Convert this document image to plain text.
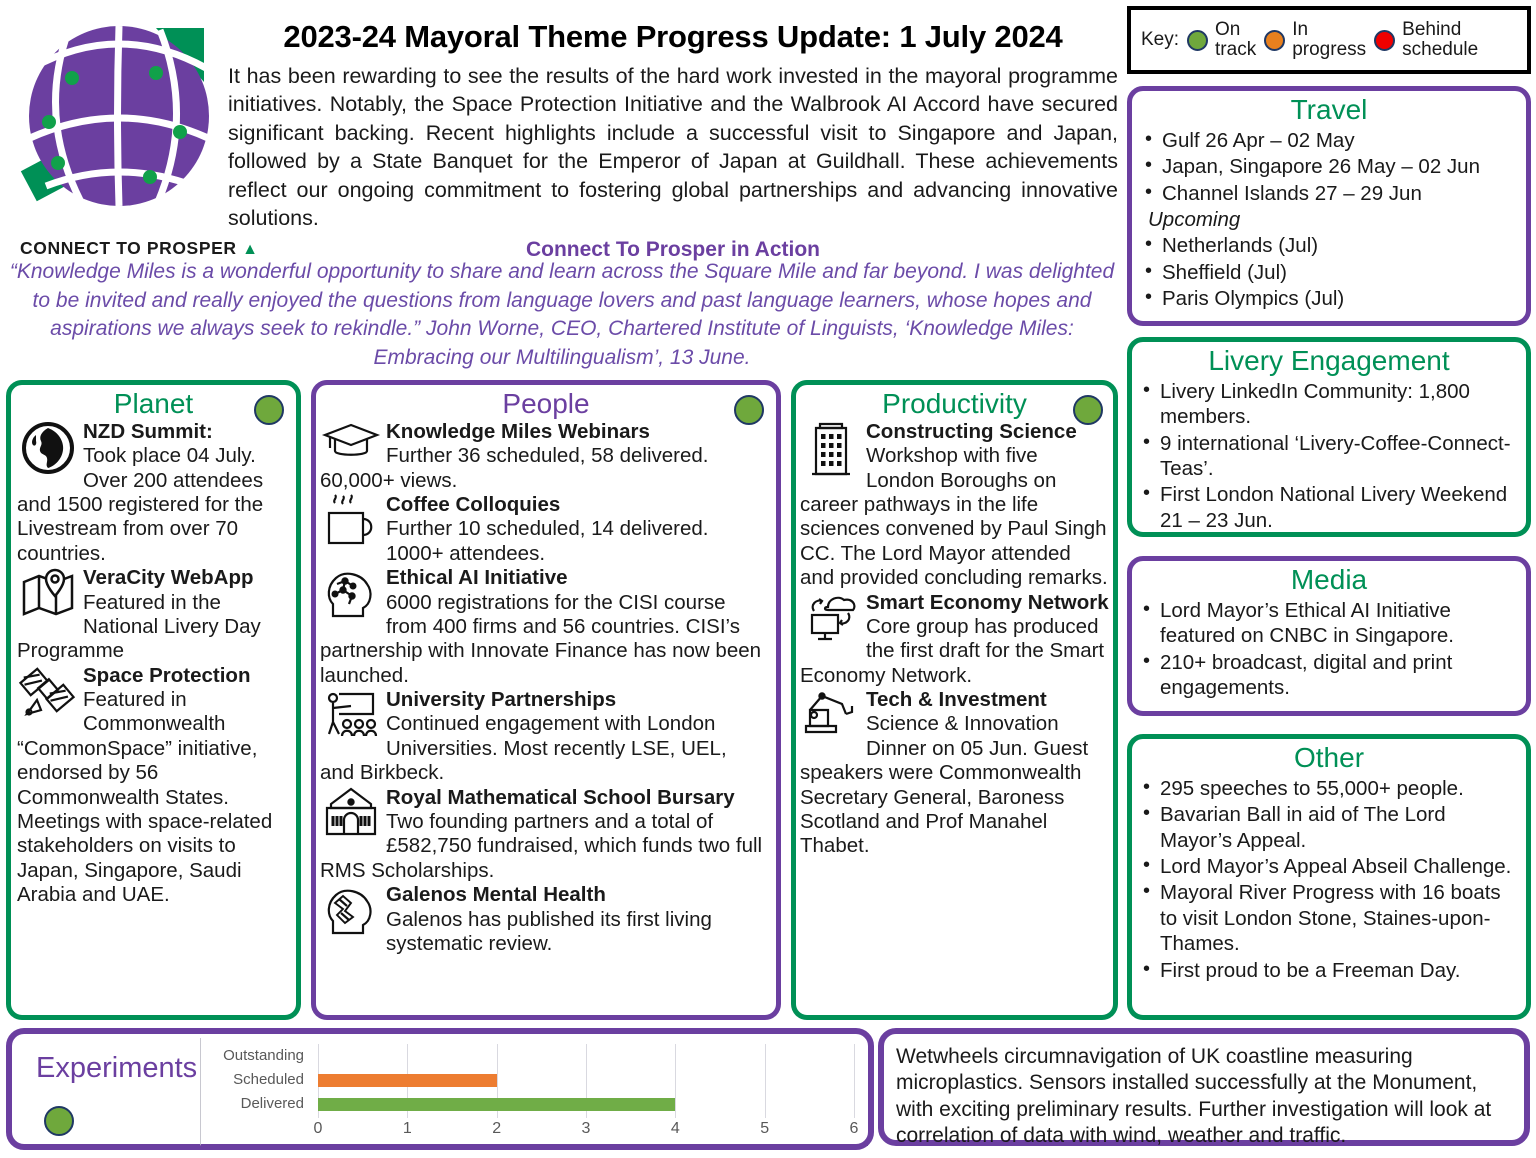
CONNECT TO PROSPER ▲
2023-24 Mayoral Theme Progress Update: 1 July 2024
It has been rewarding to see the results of the hard work invested in the mayoral programme initiatives. Notably, the Space Protection Initiative and the Walbrook AI Accord have secured significant backing. Recent highlights include a successful visit to Singapore and Japan, followed by a State Banquet for the Emperor of Japan at Guildhall. These achievements reflect our ongoing commitment to fostering global partnerships and advancing innovative solutions.
Connect To Prosper in Action
“Knowledge Miles is a wonderful opportunity to share and learn across the Square Mile and far beyond. I was delighted to be invited and really enjoyed the questions from language lovers and past language learners, whose hopes and aspirations we always seek to rekindle.” John Worne, CEO, Chartered Institute of Linguists, ‘Knowledge Miles: Embracing our Multilingualism’, 13 June.
Key: On
track
In
progress
Behind
schedule
Planet
NZD Summit:
Took place 04 July. Over 200 attendees and 1500 registered for the Livestream from over 70 countries.
VeraCity WebApp
Featured in the National Livery Day Programme
Space Protection
Featured in Commonwealth “CommonSpace” initiative, endorsed by 56 Commonwealth States. Meetings with space-related stakeholders on visits to Japan, Singapore, Saudi Arabia and UAE.
People
Knowledge Miles Webinars
Further 36 scheduled, 58 delivered. 60,000+ views.
Coffee Colloquies
Further 10 scheduled, 14 delivered. 1000+ attendees.
Ethical AI Initiative
6000 registrations for the CISI course from 400 firms and 56 countries. CISI’s partnership with Innovate Finance has now been launched.
University Partnerships
Continued engagement with London Universities. Most recently LSE, UEL, and Birkbeck.
Royal Mathematical School Bursary
Two founding partners and a total of £582,750 fundraised, which funds two full RMS Scholarships.
Galenos Mental Health
Galenos has published its first living systematic review.
Productivity
Constructing Science
Workshop with five London Boroughs on career pathways in the life sciences convened by Paul Singh CC. The Lord Mayor attended and provided concluding remarks.
Smart Economy Network
Core group has produced the first draft for the Smart Economy Network.
Tech & Investment
Science & Innovation Dinner on 05 Jun. Guest speakers were Commonwealth Secretary General, Baroness Scotland and Prof Manahel Thabet.
Travel
• Gulf 26 Apr – 02 May
• Japan, Singapore 26 May – 02 Jun
• Channel Islands 27 – 29 Jun
Upcoming
• Netherlands (Jul)
• Sheffield (Jul)
• Paris Olympics (Jul)
Livery Engagement
• Livery LinkedIn Community: 1,800 members.
• 9 international ‘Livery-Coffee-Connect-Teas’.
• First London National Livery Weekend 21 – 23 Jun.
Media
• Lord Mayor’s Ethical AI Initiative featured on CNBC in Singapore.
• 210+ broadcast, digital and print engagements.
Other
• 295 speeches to 55,000+ people.
• Bavarian Ball in aid of The Lord Mayor’s Appeal.
• Lord Mayor’s Appeal Abseil Challenge.
• Mayoral River Progress with 16 boats to visit London Stone, Staines-upon-Thames.
• First proud to be a Freeman Day.
Experiments	Outstanding
Scheduled
Delivered
0	1	2	3	4	5	6

Wetwheels circumnavigation of UK coastline measuring microplastics. Sensors installed successfully at the Monument, with exciting preliminary results. Further investigation will look at correlation of data with wind, weather and traffic.
